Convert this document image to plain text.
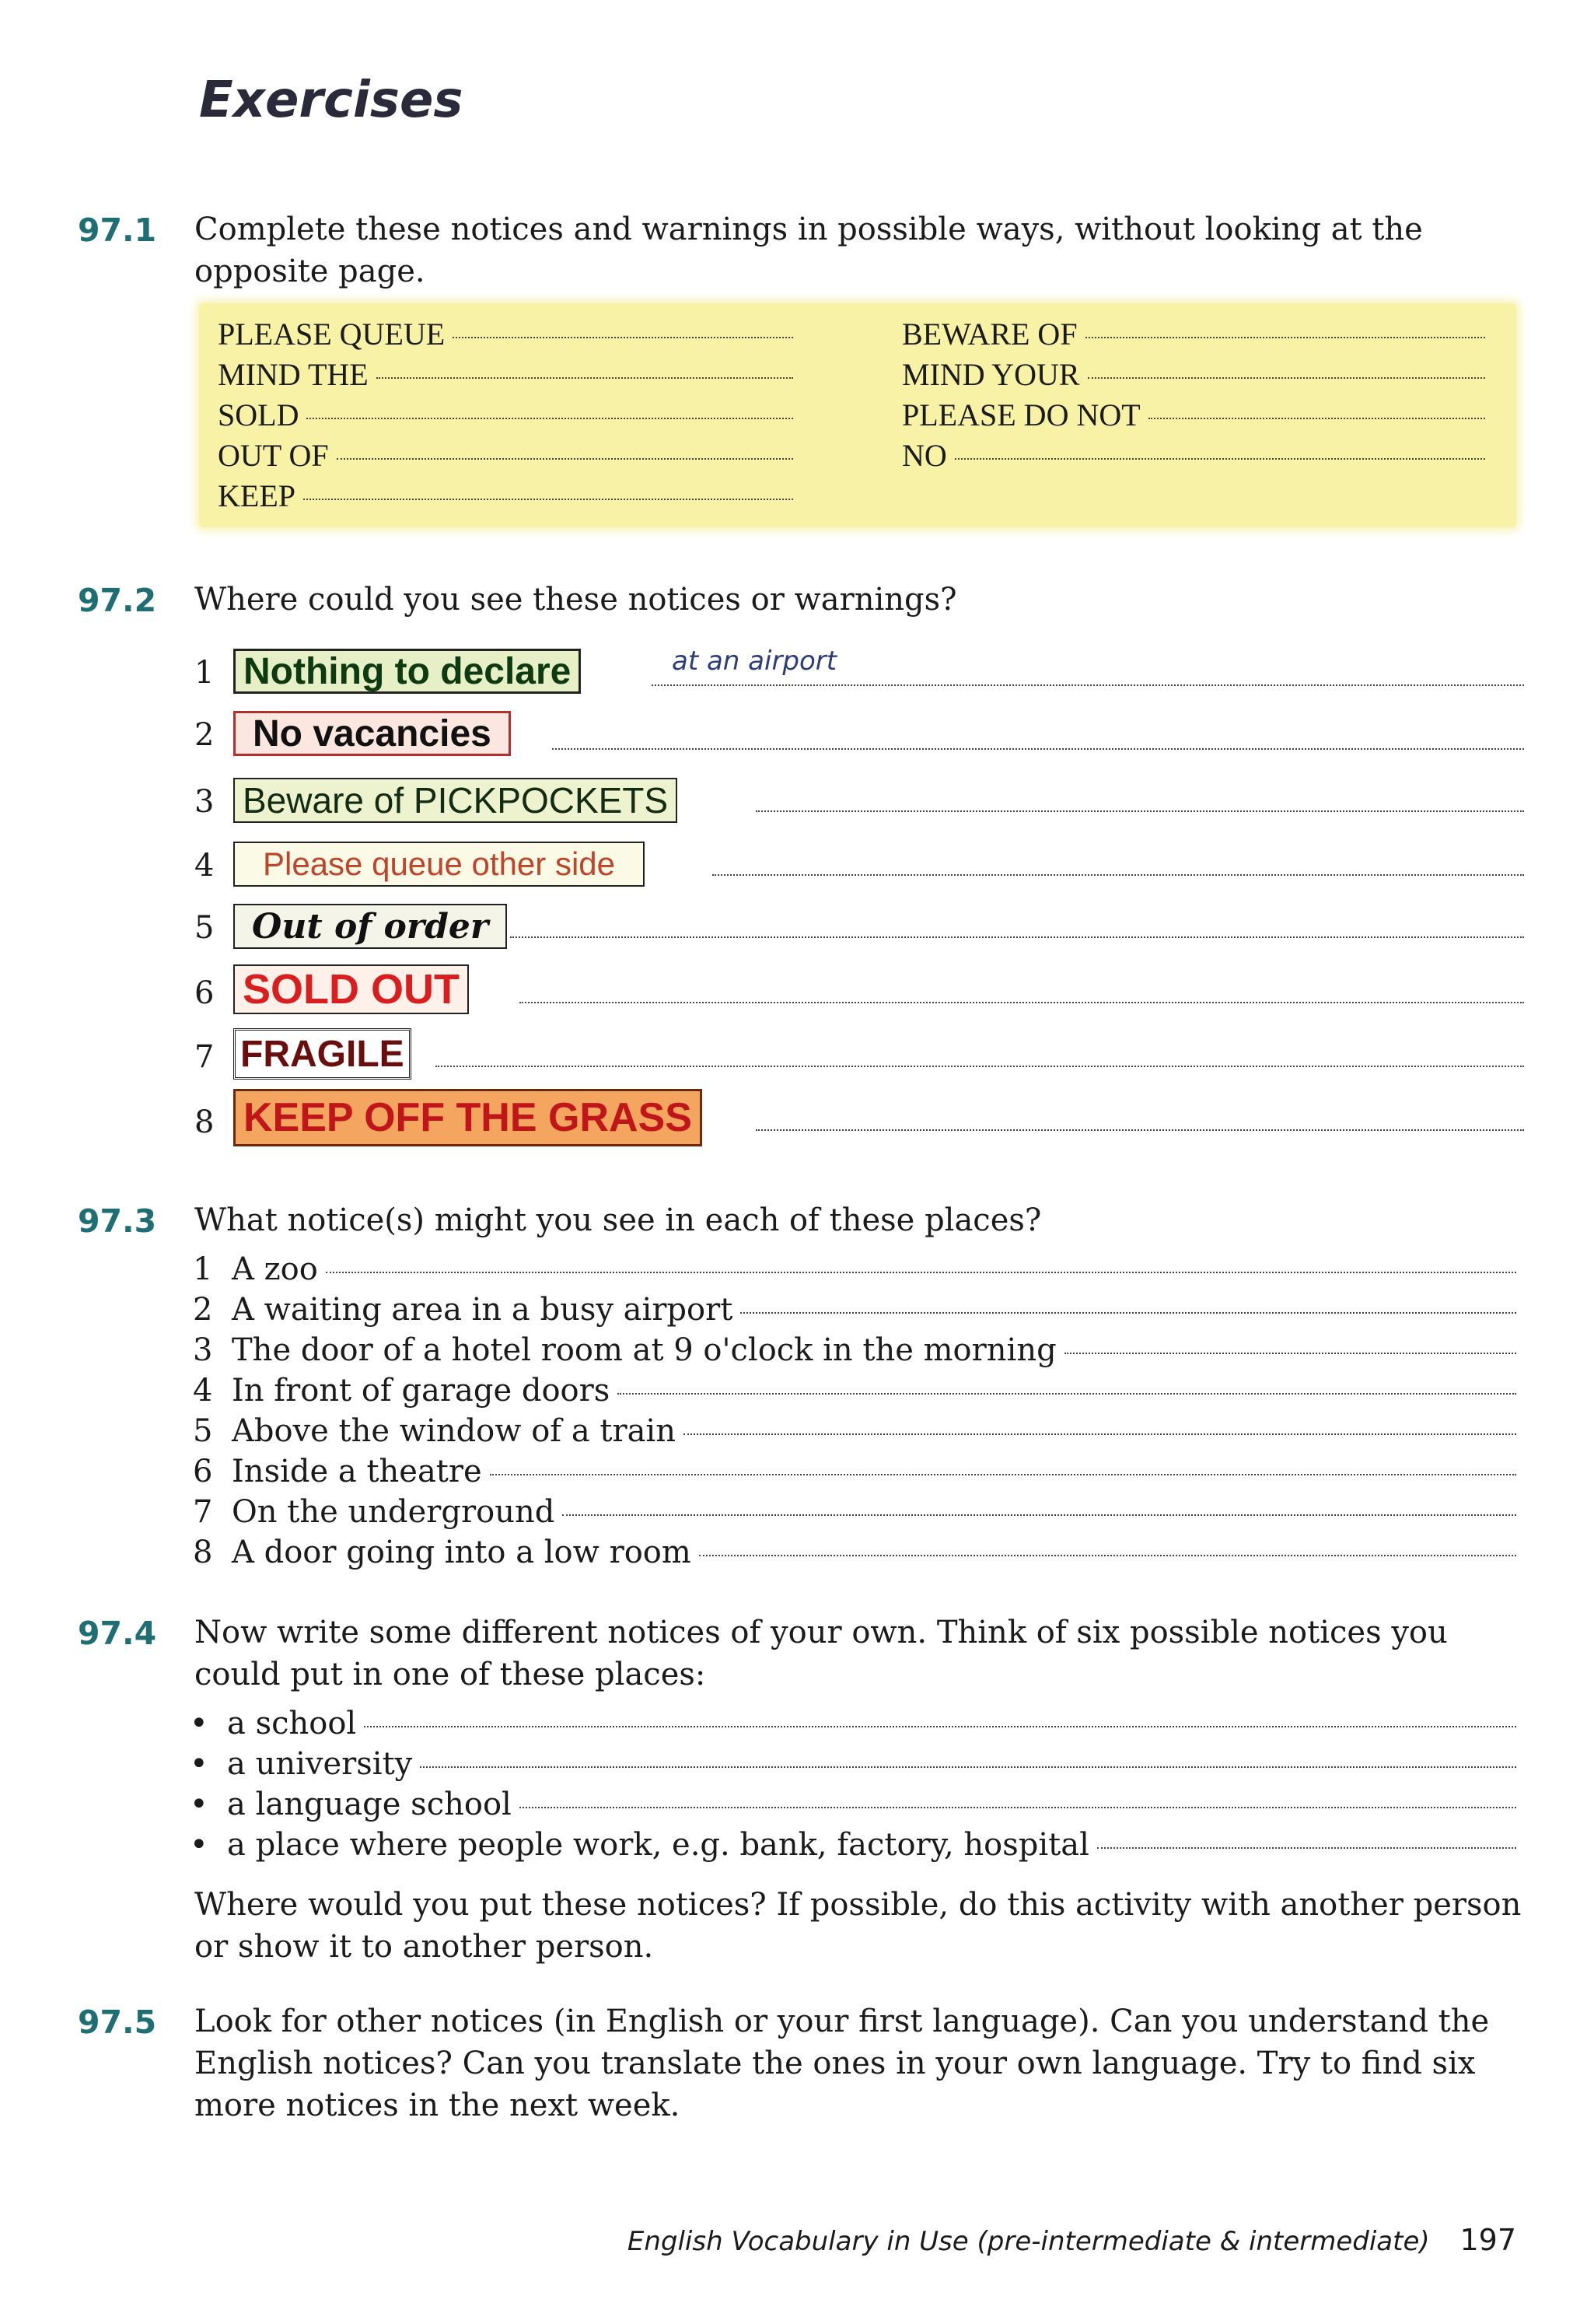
Exercises
97.1 Complete these notices and warnings in possible ways, without looking at the opposite page.
PLEASE QUEUE
MIND THE
SOLD
OUT OF
KEEP
BEWARE OF
MIND YOUR
PLEASE DO NOT
NO
97.2 Where could you see these notices or warnings?
1 Nothing to declare	at an airport
2	No vacancies
3 Beware of PICKPOCKETS
4	Please queue other side
5	Out of order
6 SOLD OUT
7 FRAGILE
8 KEEP OFF THE GRASS
97.3 What notice(s) might you see in each of these places?
1 A zoo
2 A waiting area in a busy airport
3 The door of a hotel room at 9 o'clock in the morning
4 In front of garage doors
5 Above the window of a train
6 Inside a theatre
7 On the underground
8 A door going into a low room
97.4 Now write some different notices of your own. Think of six possible notices you could put in one of these places:
• a school
• a university
• a language school
• a place where people work, e.g. bank, factory, hospital
Where would you put these notices? If possible, do this activity with another person or show it to another person.
97.5 Look for other notices (in English or your first language). Can you understand the English notices? Can you translate the ones in your own language. Try to find six more notices in the next week.
English Vocabulary in Use (pre-intermediate & intermediate) 197
